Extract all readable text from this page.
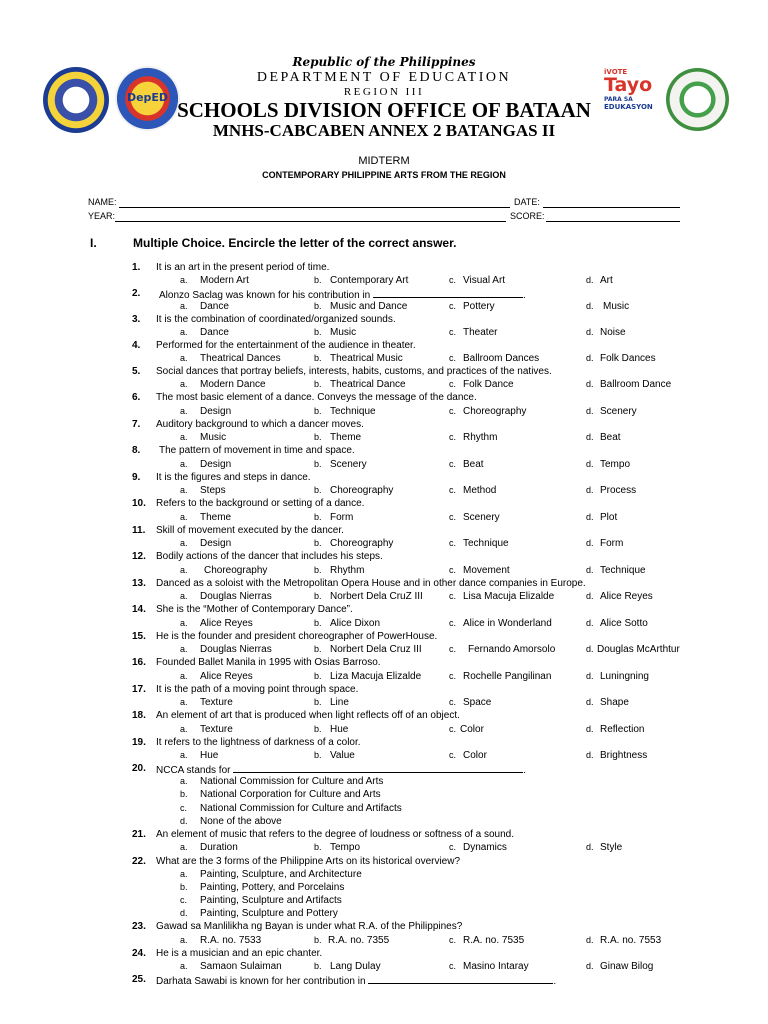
DepED
iVOTE
Tayo
PARA SA
EDUKASYON
Republic of the Philippines
DEPARTMENT OF EDUCATION
REGION III
SCHOOLS DIVISION OFFICE OF BATAAN
MNHS-CABCABEN ANNEX 2 BATANGAS II
MIDTERM
CONTEMPORARY PHILIPPINE ARTS FROM THE REGION
NAME:	DATE:
YEAR:	SCORE:
I.	Multiple Choice. Encircle the letter of the correct answer.
1. It is an art in the present period of time.
a. Modern Art	b. Contemporary Art	c. Visual Art	d. Art
2. Alonzo Saclag was known for his contribution in	.
a. Dance	b. Music and Dance	c. Pottery	d. Music
3. It is the combination of coordinated/organized sounds.
a. Dance	b. Music	c. Theater	d. Noise
4. Performed for the entertainment of the audience in theater.
a. Theatrical Dances	b. Theatrical Music	c. Ballroom Dances	d. Folk Dances
5. Social dances that portray beliefs, interests, habits, customs, and practices of the natives.
a. Modern Dance	b. Theatrical Dance	c. Folk Dance	d. Ballroom Dance
6. The most basic element of a dance. Conveys the message of the dance.
a. Design	b. Technique	c. Choreography	d. Scenery
7. Auditory background to which a dancer moves.
a. Music	b. Theme	c. Rhythm	d. Beat
8. The pattern of movement in time and space.
a. Design	b. Scenery	c. Beat	d. Tempo
9. It is the figures and steps in dance.
a. Steps	b. Choreography	c. Method	d. Process
10. Refers to the background or setting of a dance.
a. Theme	b. Form	c. Scenery	d. Plot
11. Skill of movement executed by the dancer.
a. Design	b. Choreography	c. Technique	d. Form
12. Bodily actions of the dancer that includes his steps.
a. Choreography	b. Rhythm	c. Movement	d. Technique
13. Danced as a soloist with the Metropolitan Opera House and in other dance companies in Europe.
a. Douglas Nierras	b. Norbert Dela CruZ III	c. Lisa Macuja Elizalde	d. Alice Reyes
14. She is the “Mother of Contemporary Dance”.
a. Alice Reyes	b. Alice Dixon	c. Alice in Wonderland	d. Alice Sotto
15. He is the founder and president choreographer of PowerHouse.
a. Douglas Nierras	b. Norbert Dela Cruz III	c. Fernando Amorsolo	d. Douglas McArthtur
16. Founded Ballet Manila in 1995 with Osias Barroso.
a. Alice Reyes	b. Liza Macuja Elizalde	c. Rochelle Pangilinan	d. Luningning
17. It is the path of a moving point through space.
a. Texture	b. Line	c. Space	d. Shape
18. An element of art that is produced when light reflects off of an object.
a. Texture	b. Hue	c. Color	d. Reflection
19. It refers to the lightness of darkness of a color.
a. Hue	b. Value	c. Color	d. Brightness
20. NCCA stands for	.
a. National Commission for Culture and Arts
b. National Corporation for Culture and Arts
c. National Commission for Culture and Artifacts
d. None of the above
21. An element of music that refers to the degree of loudness or softness of a sound.
a. Duration	b. Tempo	c. Dynamics	d. Style
22. What are the 3 forms of the Philippine Arts on its historical overview?
a. Painting, Sculpture, and Architecture
b. Painting, Pottery, and Porcelains
c. Painting, Sculpture and Artifacts
d. Painting, Sculpture and Pottery
23. Gawad sa Manlilikha ng Bayan is under what R.A. of the Philippines?
a. R.A. no. 7533	b. R.A. no. 7355	c. R.A. no. 7535	d. R.A. no. 7553
24. He is a musician and an epic chanter.
a. Samaon Sulaiman	b. Lang Dulay	c. Masino Intaray	d. Ginaw Bilog
25. Darhata Sawabi is known for her contribution in	.
